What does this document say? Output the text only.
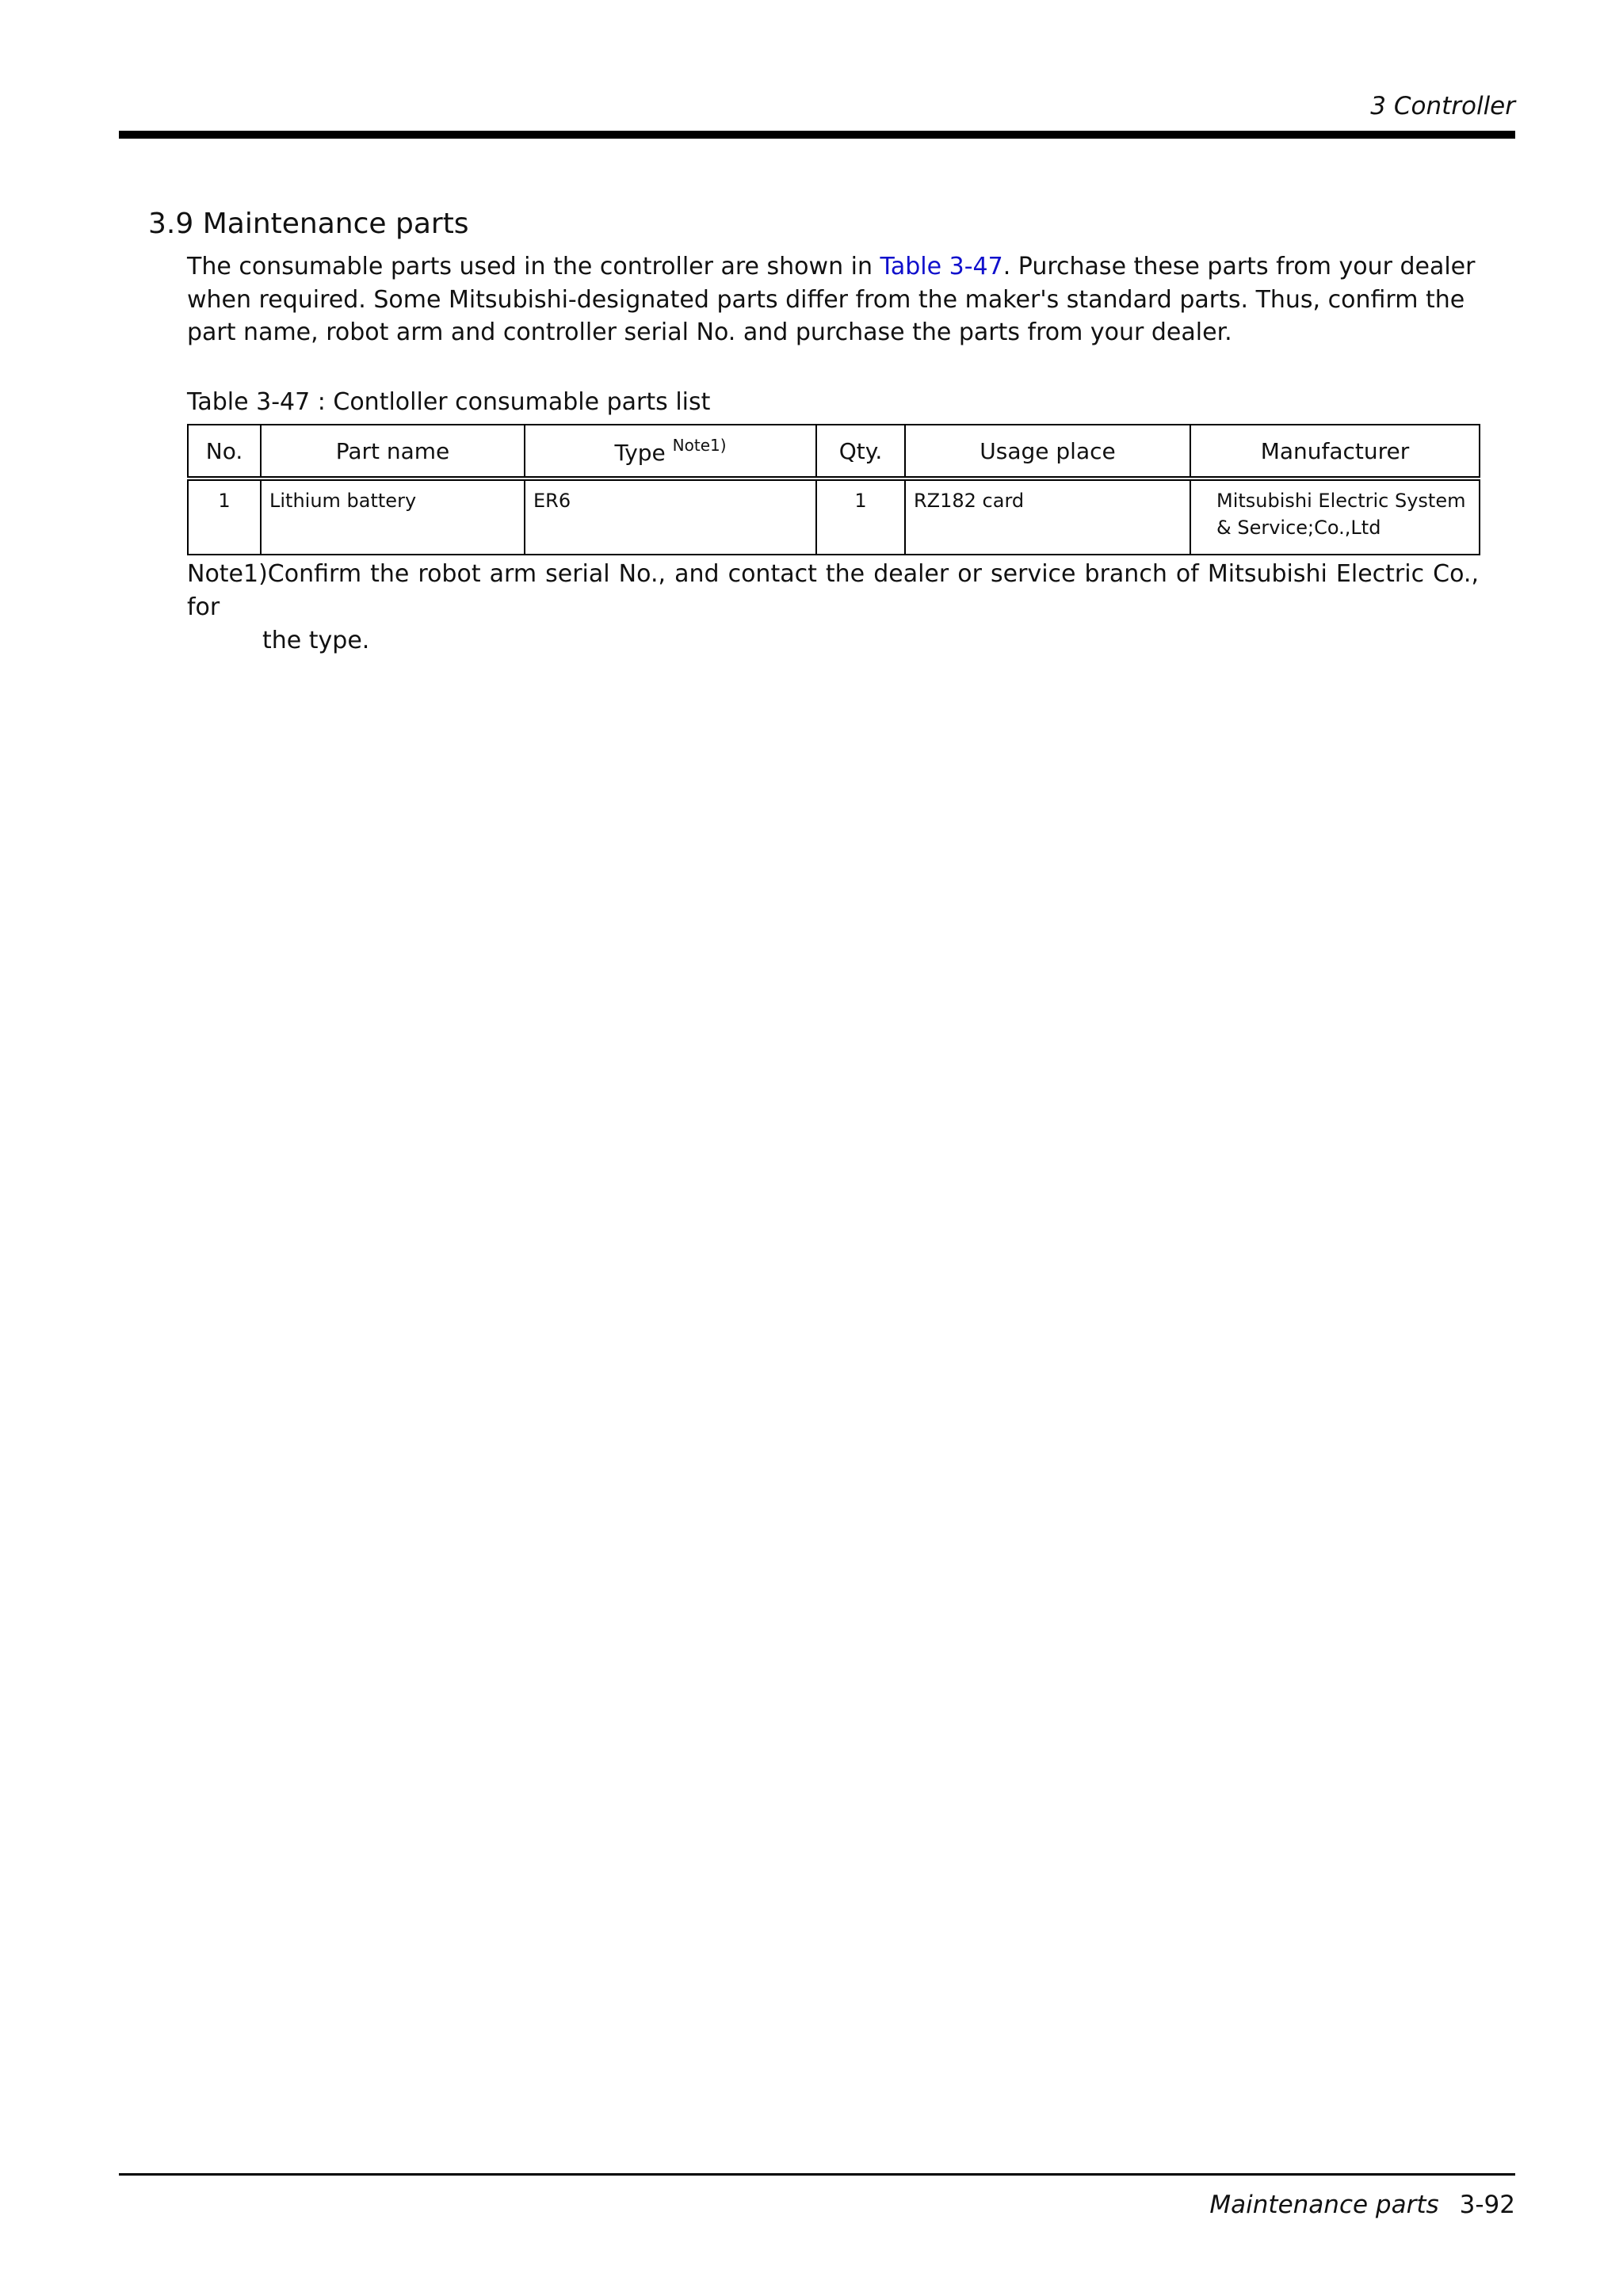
3 Controller
3.9 Maintenance parts

The consumable parts used in the controller are shown in Table 3-47. Purchase these parts from your dealer when required. Some Mitsubishi-designated parts differ from the maker's standard parts. Thus, confirm the part name, robot arm and controller serial No. and purchase the parts from your dealer.

Table 3-47 : Contloller consumable parts list
No.	Part name	Type $^{Note1)}$	Qty.	Usage place	Manufacturer
1	Lithium battery	ER6	1	RZ182 card	Mitsubishi Electric System
& Service;Co.,Ltd
Note1)Confirm the robot arm serial No., and contact the dealer or service branch of Mitsubishi Electric Co., for
the type.
Maintenance parts 3-92
